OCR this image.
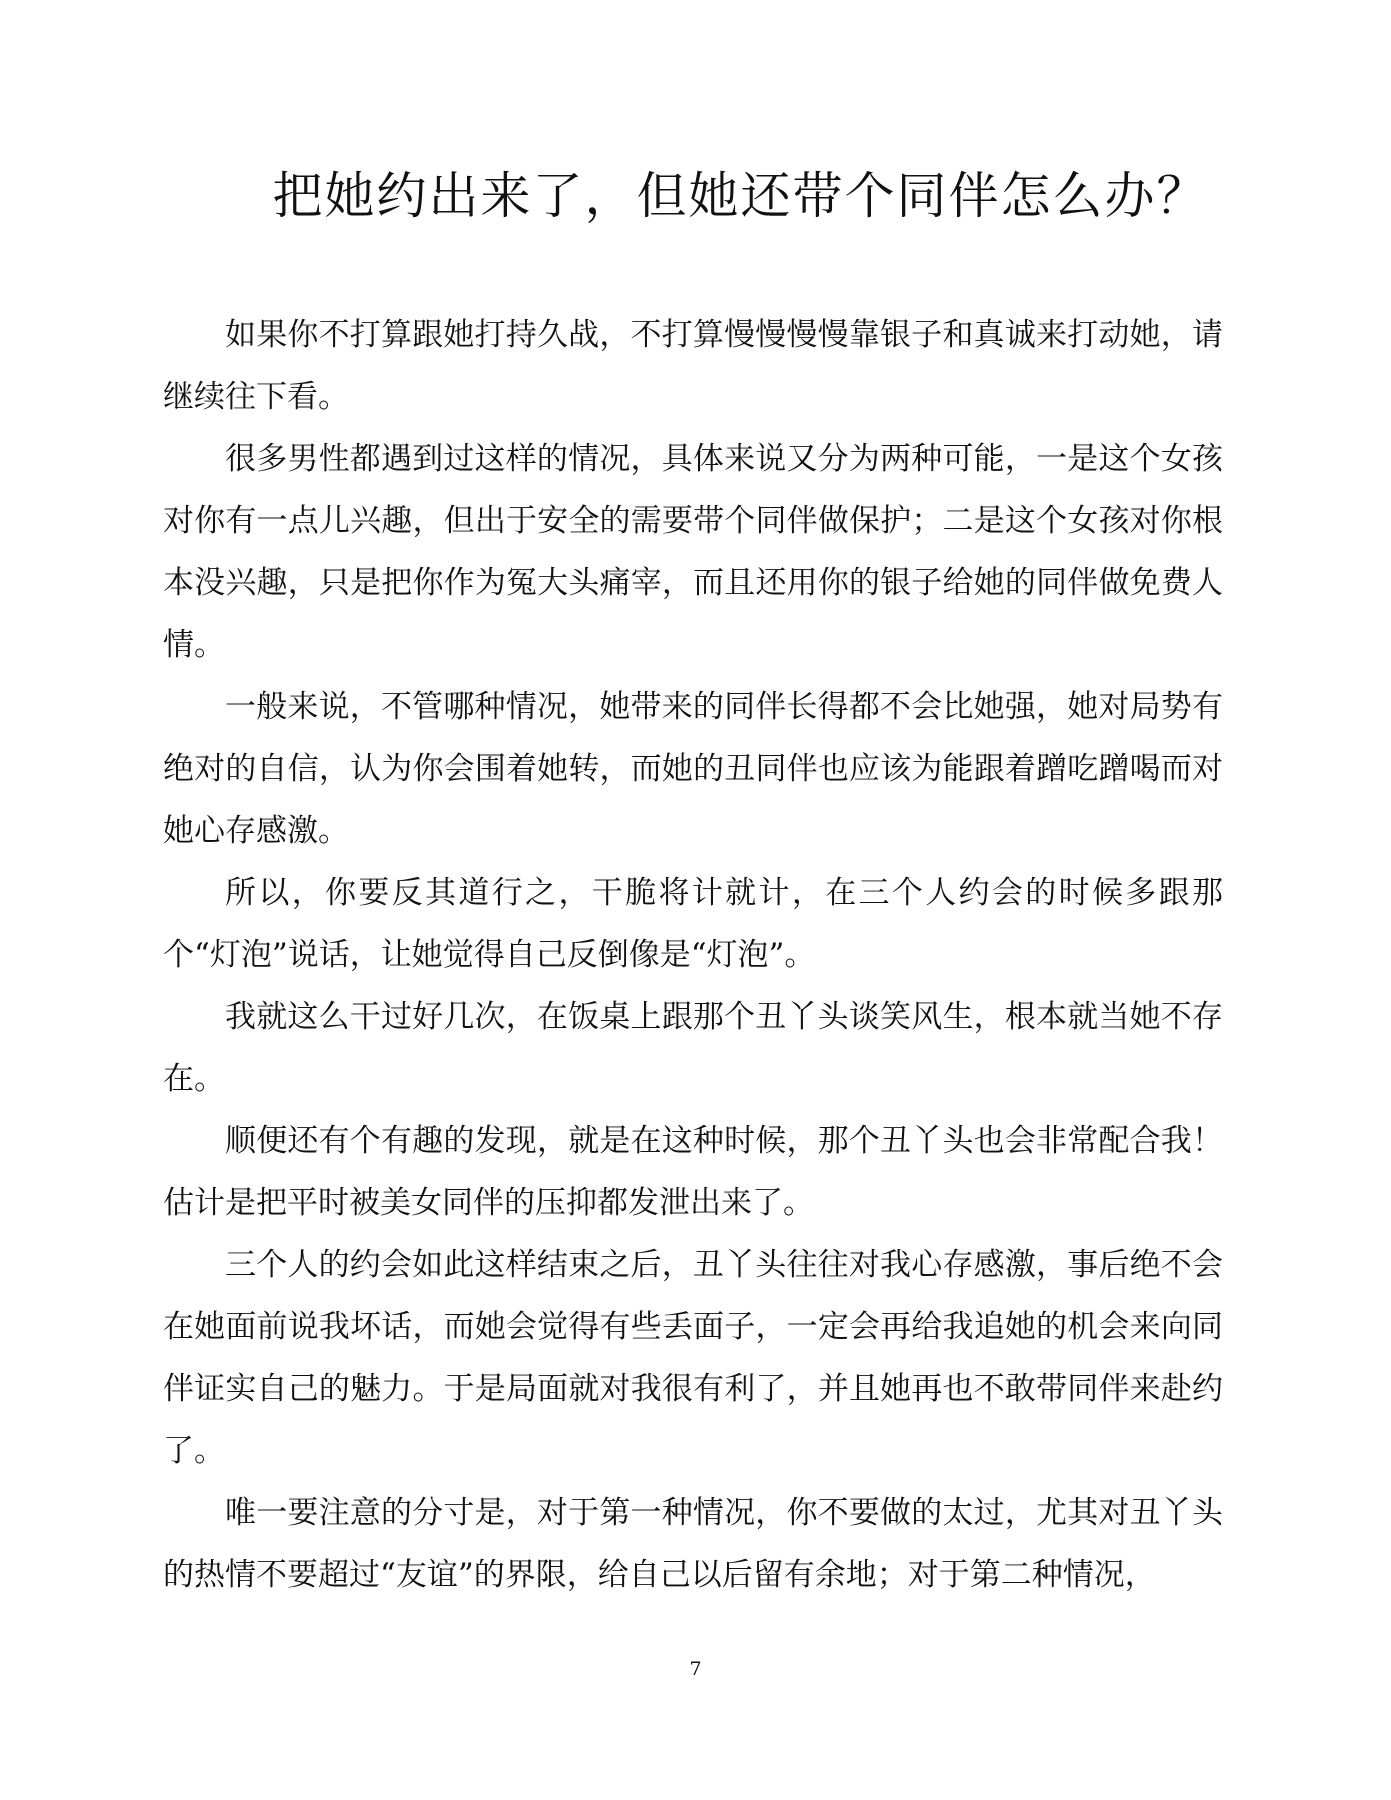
把她约出来了，但她还带个同伴怎么办？

如果你不打算跟她打持久战，不打算慢慢慢慢靠银子和真诚来打动她，请继续往下看。

很多男性都遇到过这样的情况，具体来说又分为两种可能，一是这个女孩对你有一点儿兴趣，但出于安全的需要带个同伴做保护；二是这个女孩对你根本没兴趣，只是把你作为冤大头痛宰，而且还用你的银子给她的同伴做免费人情。

一般来说，不管哪种情况，她带来的同伴长得都不会比她强，她对局势有绝对的自信，认为你会围着她转，而她的丑同伴也应该为能跟着蹭吃蹭喝而对她心存感激。

所以，你要反其道行之，干脆将计就计，在三个人约会的时候多跟那个“灯泡”说话，让她觉得自己反倒像是“灯泡”。

我就这么干过好几次，在饭桌上跟那个丑丫头谈笑风生，根本就当她不存在。

顺便还有个有趣的发现，就是在这种时候，那个丑丫头也会非常配合我！估计是把平时被美女同伴的压抑都发泄出来了。

三个人的约会如此这样结束之后，丑丫头往往对我心存感激，事后绝不会在她面前说我坏话，而她会觉得有些丢面子，一定会再给我追她的机会来向同伴证实自己的魅力。于是局面就对我很有利了，并且她再也不敢带同伴来赴约了。

唯一要注意的分寸是，对于第一种情况，你不要做的太过，尤其对丑丫头的热情不要超过“友谊”的界限，给自己以后留有余地；对于第二种情况，

7
